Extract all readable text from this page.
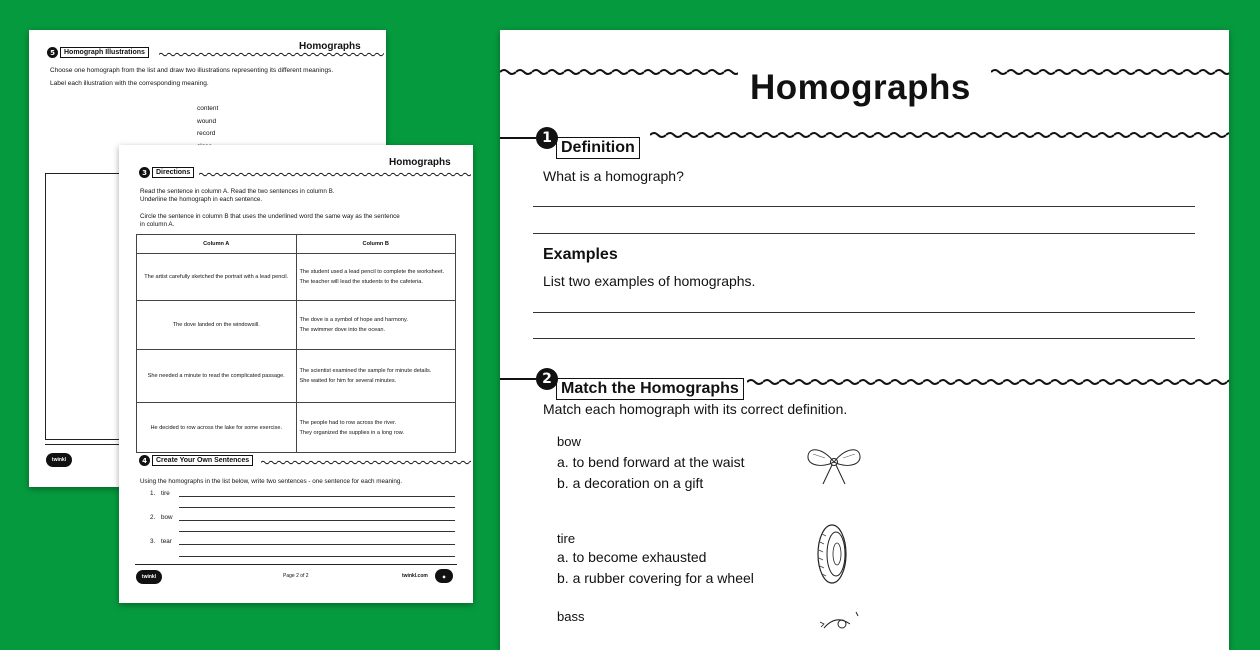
Homographs
5	Homograph Illustrations
Choose one homograph from the list and draw two illustrations representing its different meanings.
Label each illustration with the corresponding meaning.
content
wound
record
twinkl
Homographs
3	Directions
Read the sentence in column A. Read the two sentences in column B.
Underline the homograph in each sentence.
Circle the sentence in column B that uses the underlined word the same way as the sentence
in column A.
Column A	Column B
The artist carefully sketched the portrait with a lead pencil.	The student used a lead pencil to complete the worksheet.
The teacher will lead the students to the cafeteria.

The dove landed on the windowsill.	The dove is a symbol of hope and harmony.
The swimmer dove into the ocean.

She needed a minute to read the complicated passage.	The scientist examined the sample for minute details.
She waited for him for several minutes.

He decided to row across the lake for some exercise.	The people had to row across the river.
They organized the supplies in a long row.
4	Create Your Own Sentences
Using the homographs in the list below, write two sentences - one sentence for each meaning.
1. tire
2. bow
3. tear
twinkl	Page 2 of 2	twinkl.com	◆
Homographs
1
Definition
What is a homograph?
Examples
List two examples of homographs.
2
Match the Homographs
Match each homograph with its correct definition.
bow
a. to bend forward at the waist
b. a decoration on a gift
tire
a. to become exhausted
b. a rubber covering for a wheel
bass
